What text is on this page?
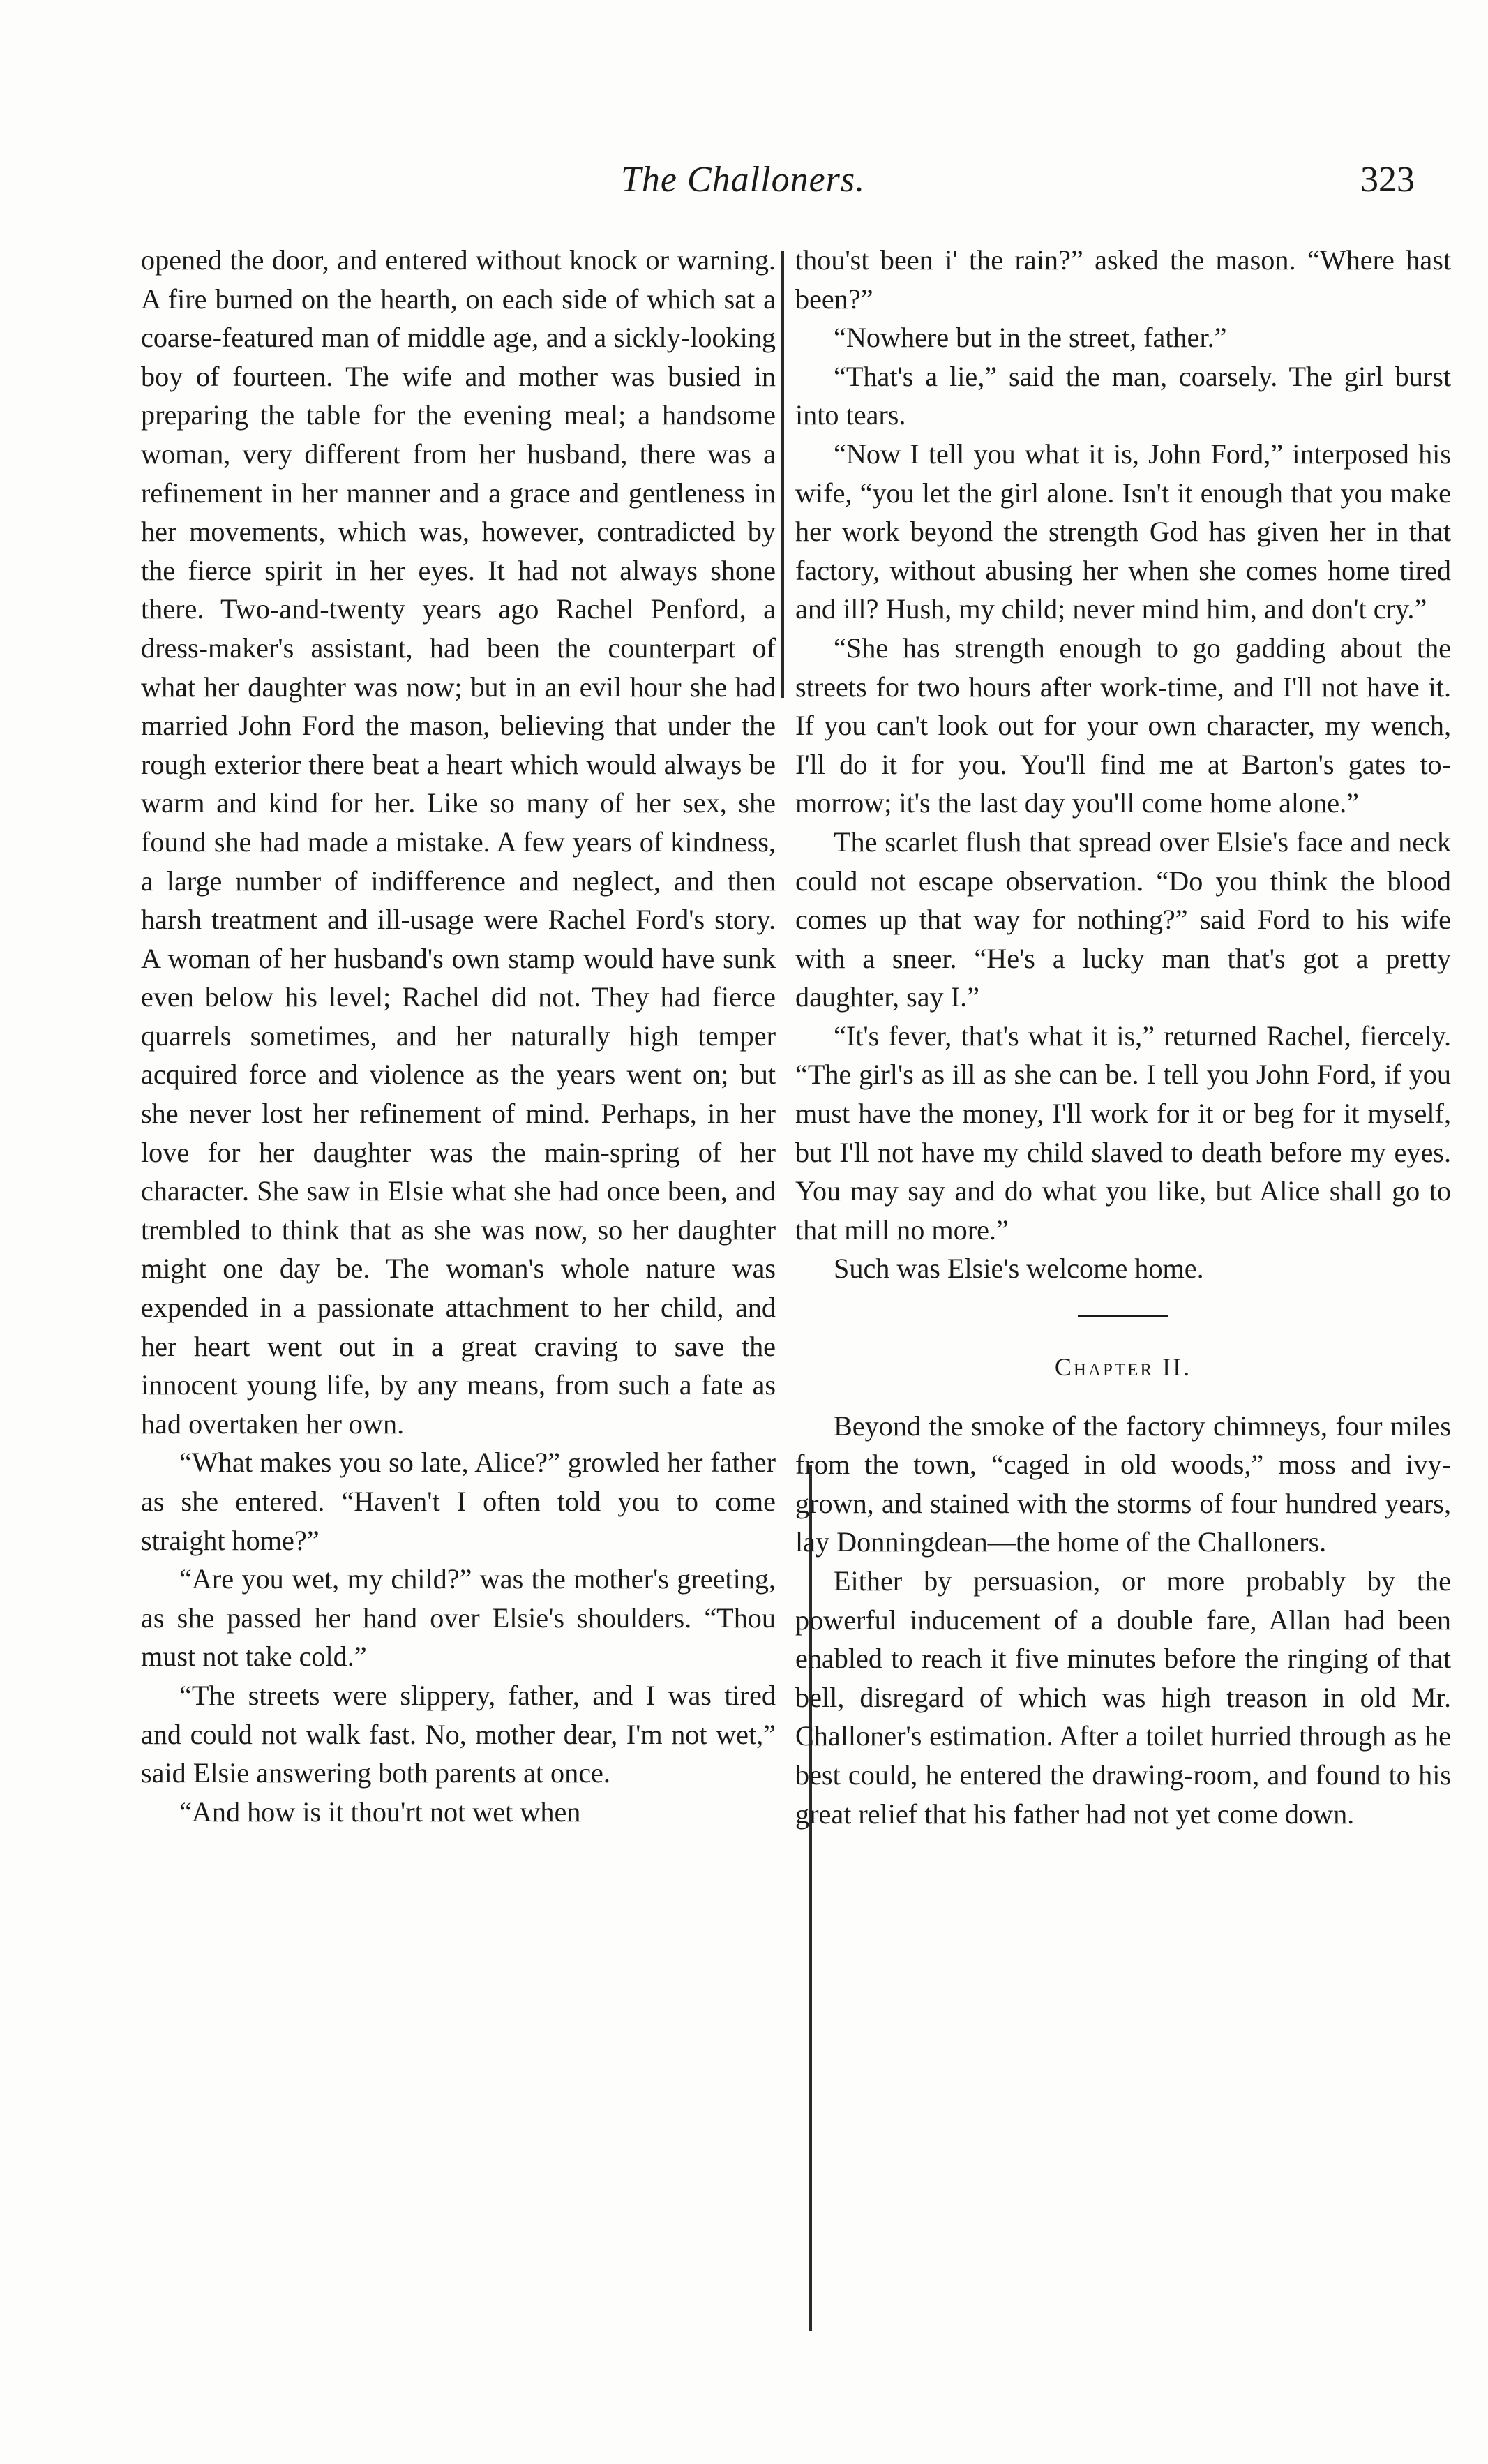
The Challoners.	323

opened the door, and entered without knock or warning. A fire burned on the hearth, on each side of which sat a coarse-featured man of middle age, and a sickly-looking boy of fourteen. The wife and mother was busied in preparing the table for the evening meal; a handsome woman, very different from her husband, there was a refinement in her manner and a grace and gentleness in her movements, which was, however, contradicted by the fierce spirit in her eyes. It had not always shone there. Two-and-twenty years ago Rachel Penford, a dress-maker's assistant, had been the counterpart of what her daughter was now; but in an evil hour she had married John Ford the mason, believing that under the rough exterior there beat a heart which would always be warm and kind for her. Like so many of her sex, she found she had made a mistake. A few years of kindness, a large number of indifference and neglect, and then harsh treatment and ill-usage were Rachel Ford's story. A woman of her husband's own stamp would have sunk even below his level; Rachel did not. They had fierce quarrels sometimes, and her naturally high temper acquired force and violence as the years went on; but she never lost her refinement of mind. Perhaps, in her love for her daughter was the main-spring of her character. She saw in Elsie what she had once been, and trembled to think that as she was now, so her daughter might one day be. The woman's whole nature was expended in a passionate attachment to her child, and her heart went out in a great craving to save the innocent young life, by any means, from such a fate as had overtaken her own.

“What makes you so late, Alice?” growled her father as she entered. “Haven't I often told you to come straight home?”

“Are you wet, my child?” was the mother's greeting, as she passed her hand over Elsie's shoulders. “Thou must not take cold.”

“The streets were slippery, father, and I was tired and could not walk fast. No, mother dear, I'm not wet,” said Elsie answering both parents at once.

“And how is it thou'rt not wet when

thou'st been i' the rain?” asked the mason. “Where hast been?”

“Nowhere but in the street, father.”

“That's a lie,” said the man, coarsely. The girl burst into tears.

“Now I tell you what it is, John Ford,” interposed his wife, “you let the girl alone. Isn't it enough that you make her work beyond the strength God has given her in that factory, without abusing her when she comes home tired and ill? Hush, my child; never mind him, and don't cry.”

“She has strength enough to go gadding about the streets for two hours after work-time, and I'll not have it. If you can't look out for your own character, my wench, I'll do it for you. You'll find me at Barton's gates to-morrow; it's the last day you'll come home alone.”

The scarlet flush that spread over Elsie's face and neck could not escape observation. “Do you think the blood comes up that way for nothing?” said Ford to his wife with a sneer. “He's a lucky man that's got a pretty daughter, say I.”

“It's fever, that's what it is,” returned Rachel, fiercely. “The girl's as ill as she can be. I tell you John Ford, if you must have the money, I'll work for it or beg for it myself, but I'll not have my child slaved to death before my eyes. You may say and do what you like, but Alice shall go to that mill no more.”

Such was Elsie's welcome home.

Chapter II.

Beyond the smoke of the factory chimneys, four miles from the town, “caged in old woods,” moss and ivy-grown, and stained with the storms of four hundred years, lay Donningdean—the home of the Challoners.

Either by persuasion, or more probably by the powerful inducement of a double fare, Allan had been enabled to reach it five minutes before the ringing of that bell, disregard of which was high treason in old Mr. Challoner's estimation. After a toilet hurried through as he best could, he entered the drawing-room, and found to his great relief that his father had not yet come down.
